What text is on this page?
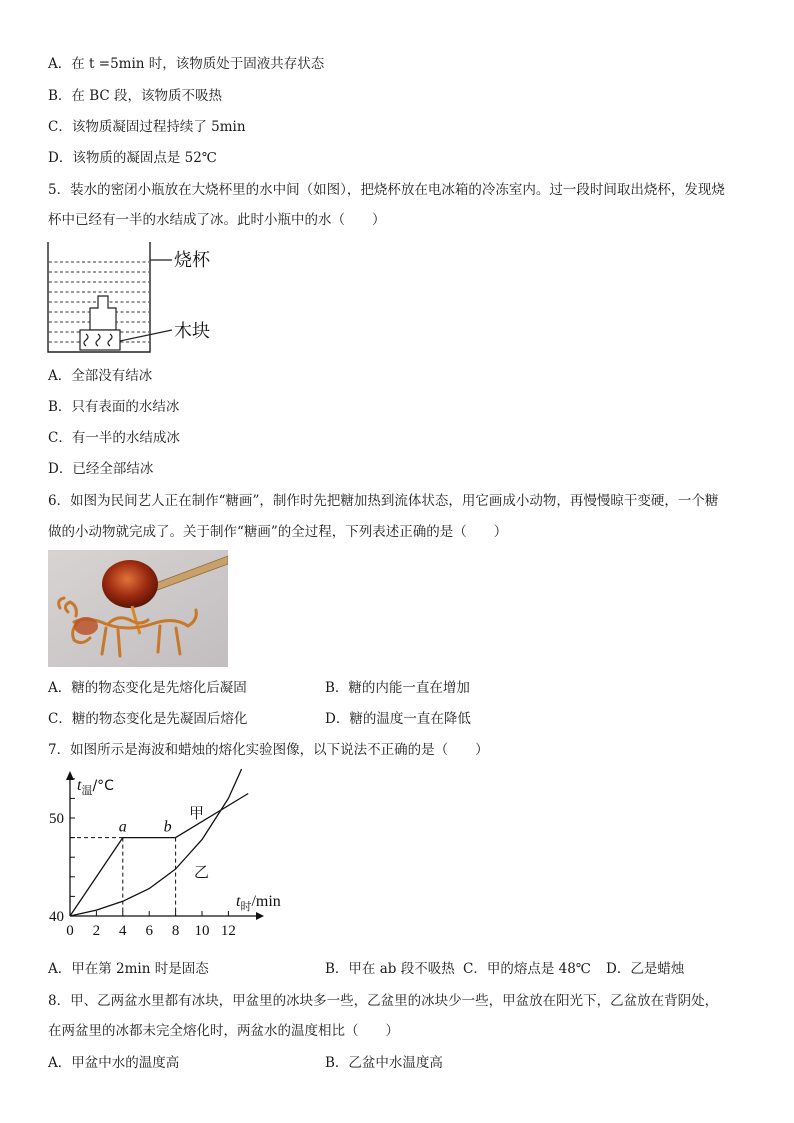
A．在 t =5min 时，该物质处于固液共存状态
B．在 BC 段，该物质不吸热
C．该物质凝固过程持续了 5min
D．该物质的凝固点是 52℃
5．装水的密闭小瓶放在大烧杯里的水中间（如图），把烧杯放在电冰箱的冷冻室内。过一段时间取出烧杯，发现烧
杯中已经有一半的水结成了冰。此时小瓶中的水（　　）
烧杯
木块
A．全部没有结冰
B．只有表面的水结冰
C．有一半的水结成冰
D．已经全部结冰
6．如图为民间艺人正在制作“糖画”，制作时先把糖加热到流体状态，用它画成小动物，再慢慢晾干变硬，一个糖
做的小动物就完成了。关于制作“糖画”的全过程，下列表述正确的是（　　）
A．糖的物态变化是先熔化后凝固	B．糖的内能一直在增加
C．糖的物态变化是先凝固后熔化	D．糖的温度一直在降低
7．如图所示是海波和蜡烛的熔化实验图像，以下说法不正确的是（　　）
0 2 4 6 8 10 12
40
50	a b
甲
乙
$t_温/^\circ C$
$t_时/\min$
A．甲在第 2min 时是固态	B．甲在 ab 段不吸热 C．甲的熔点是 48℃ D．乙是蜡烛
8．甲、乙两盆水里都有冰块，甲盆里的冰块多一些，乙盆里的冰块少一些，甲盆放在阳光下，乙盆放在背阴处，
在两盆里的冰都未完全熔化时，两盆水的温度相比（　　）
A．甲盆中水的温度高	B．乙盆中水温度高
